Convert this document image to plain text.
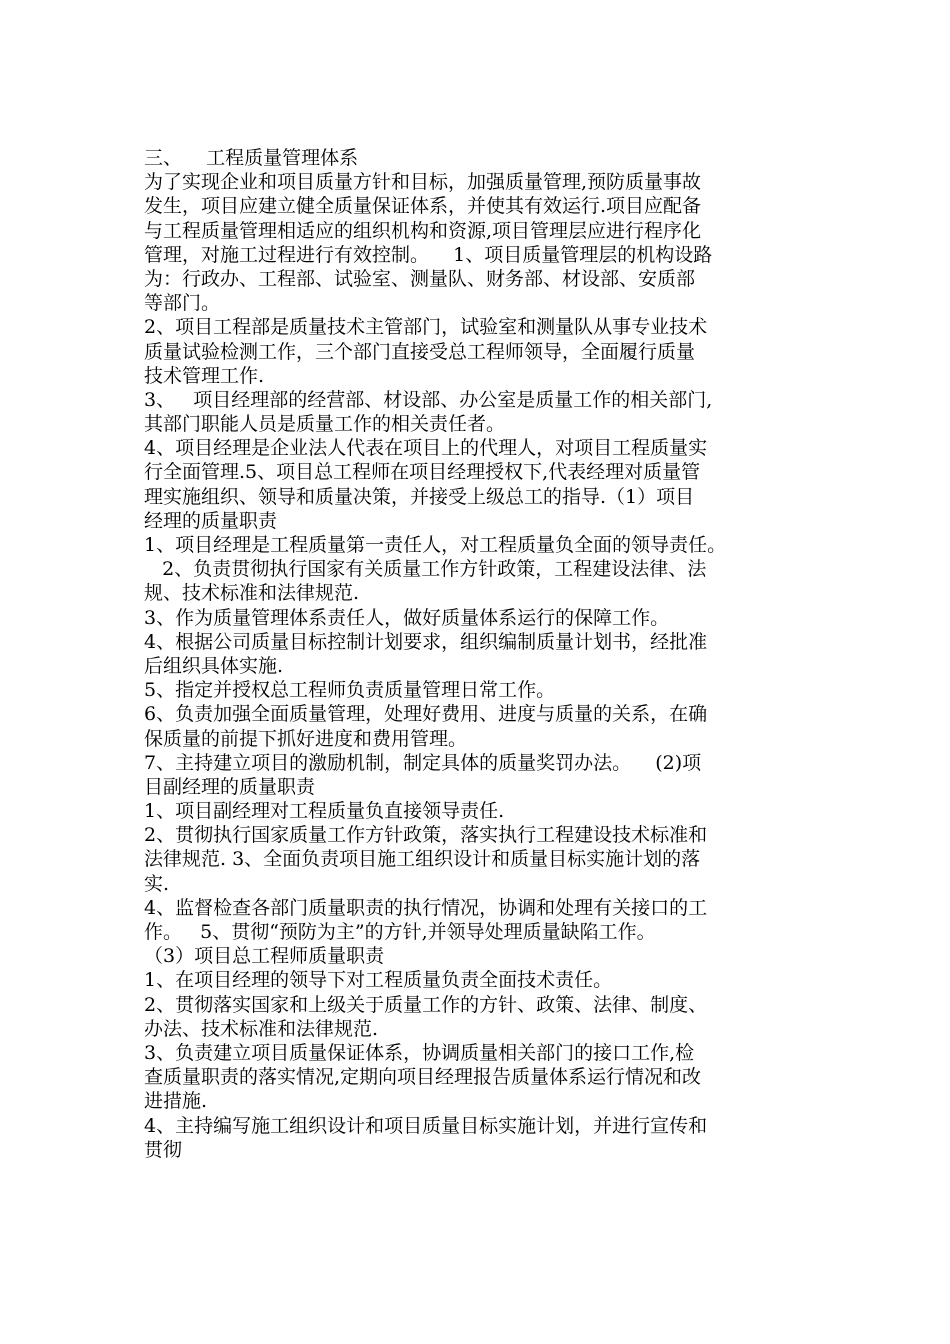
三、    工程质量管理体系
为了实现企业和项目质量方针和目标，加强质量管理,预防质量事故
发生，项目应建立健全质量保证体系，并使其有效运行.项目应配备
与工程质量管理相适应的组织机构和资源,项目管理层应进行程序化
管理，对施工过程进行有效控制。    1、项目质量管理层的机构设路
为：行政办、工程部、试验室、测量队、财务部、材设部、安质部
等部门。
2、项目工程部是质量技术主管部门，试验室和测量队从事专业技术
质量试验检测工作，三个部门直接受总工程师领导，全面履行质量
技术管理工作.
3、   项目经理部的经营部、材设部、办公室是质量工作的相关部门,
其部门职能人员是质量工作的相关责任者。
4、项目经理是企业法人代表在项目上的代理人，对项目工程质量实
行全面管理.5、项目总工程师在项目经理授权下,代表经理对质量管
理实施组织、领导和质量决策，并接受上级总工的指导.（1）项目
经理的质量职责
1、项目经理是工程质量第一责任人，对工程质量负全面的领导责任。
2、负责贯彻执行国家有关质量工作方针政策，工程建设法律、法
规、技术标准和法律规范.
3、作为质量管理体系责任人，做好质量体系运行的保障工作。
4、根据公司质量目标控制计划要求，组织编制质量计划书，经批准
后组织具体实施.
5、指定并授权总工程师负责质量管理日常工作。
6、负责加强全面质量管理，处理好费用、进度与质量的关系，在确
保质量的前提下抓好进度和费用管理。
7、主持建立项目的激励机制，制定具体的质量奖罚办法。    (2)项
目副经理的质量职责
1、项目副经理对工程质量负直接领导责任.
2、贯彻执行国家质量工作方针政策，落实执行工程建设技术标准和
法律规范. 3、全面负责项目施工组织设计和质量目标实施计划的落
实.
4、监督检查各部门质量职责的执行情况，协调和处理有关接口的工
作。   5、贯彻“预防为主”的方针,并领导处理质量缺陷工作。
（3）项目总工程师质量职责
1、在项目经理的领导下对工程质量负责全面技术责任。
2、贯彻落实国家和上级关于质量工作的方针、政策、法律、制度、
办法、技术标准和法律规范.
3、负责建立项目质量保证体系，协调质量相关部门的接口工作,检
查质量职责的落实情况,定期向项目经理报告质量体系运行情况和改
进措施.
4、主持编写施工组织设计和项目质量目标实施计划，并进行宣传和
贯彻
